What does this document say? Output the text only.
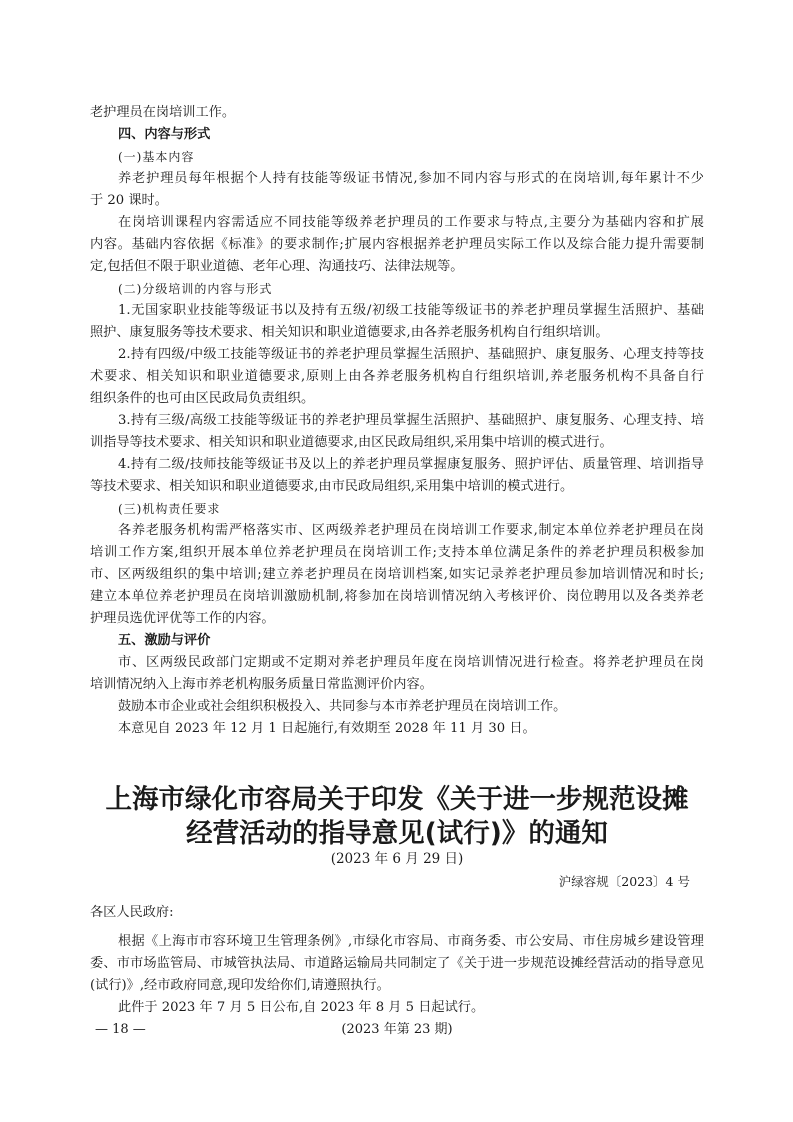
老护理员在岗培训工作。
四、内容与形式
(一)基本内容
养老护理员每年根据个人持有技能等级证书情况,参加不同内容与形式的在岗培训,每年累计不少
于 20 课时。
在岗培训课程内容需适应不同技能等级养老护理员的工作要求与特点,主要分为基础内容和扩展
内容。基础内容依据《标准》的要求制作;扩展内容根据养老护理员实际工作以及综合能力提升需要制
定,包括但不限于职业道德、老年心理、沟通技巧、法律法规等。
(二)分级培训的内容与形式
1.无国家职业技能等级证书以及持有五级/初级工技能等级证书的养老护理员掌握生活照护、基础
照护、康复服务等技术要求、相关知识和职业道德要求,由各养老服务机构自行组织培训。
2.持有四级/中级工技能等级证书的养老护理员掌握生活照护、基础照护、康复服务、心理支持等技
术要求、相关知识和职业道德要求,原则上由各养老服务机构自行组织培训,养老服务机构不具备自行
组织条件的也可由区民政局负责组织。
3.持有三级/高级工技能等级证书的养老护理员掌握生活照护、基础照护、康复服务、心理支持、培
训指导等技术要求、相关知识和职业道德要求,由区民政局组织,采用集中培训的模式进行。
4.持有二级/技师技能等级证书及以上的养老护理员掌握康复服务、照护评估、质量管理、培训指导
等技术要求、相关知识和职业道德要求,由市民政局组织,采用集中培训的模式进行。
(三)机构责任要求
各养老服务机构需严格落实市、区两级养老护理员在岗培训工作要求,制定本单位养老护理员在岗
培训工作方案,组织开展本单位养老护理员在岗培训工作;支持本单位满足条件的养老护理员积极参加
市、区两级组织的集中培训;建立养老护理员在岗培训档案,如实记录养老护理员参加培训情况和时长;
建立本单位养老护理员在岗培训激励机制,将参加在岗培训情况纳入考核评价、岗位聘用以及各类养老
护理员选优评优等工作的内容。
五、激励与评价
市、区两级民政部门定期或不定期对养老护理员年度在岗培训情况进行检查。将养老护理员在岗
培训情况纳入上海市养老机构服务质量日常监测评价内容。
鼓励本市企业或社会组织积极投入、共同参与本市养老护理员在岗培训工作。
本意见自 2023 年 12 月 1 日起施行,有效期至 2028 年 11 月 30 日。
上海市绿化市容局关于印发《关于进一步规范设摊
经营活动的指导意见(试行)》的通知
(2023 年 6 月 29 日)
沪绿容规〔2023〕4 号
各区人民政府:
根据《上海市市容环境卫生管理条例》,市绿化市容局、市商务委、市公安局、市住房城乡建设管理
委、市市场监管局、市城管执法局、市道路运输局共同制定了《关于进一步规范设摊经营活动的指导意见
(试行)》,经市政府同意,现印发给你们,请遵照执行。
此件于 2023 年 7 月 5 日公布,自 2023 年 8 月 5 日起试行。
— 18 —	(2023 年第 23 期)
